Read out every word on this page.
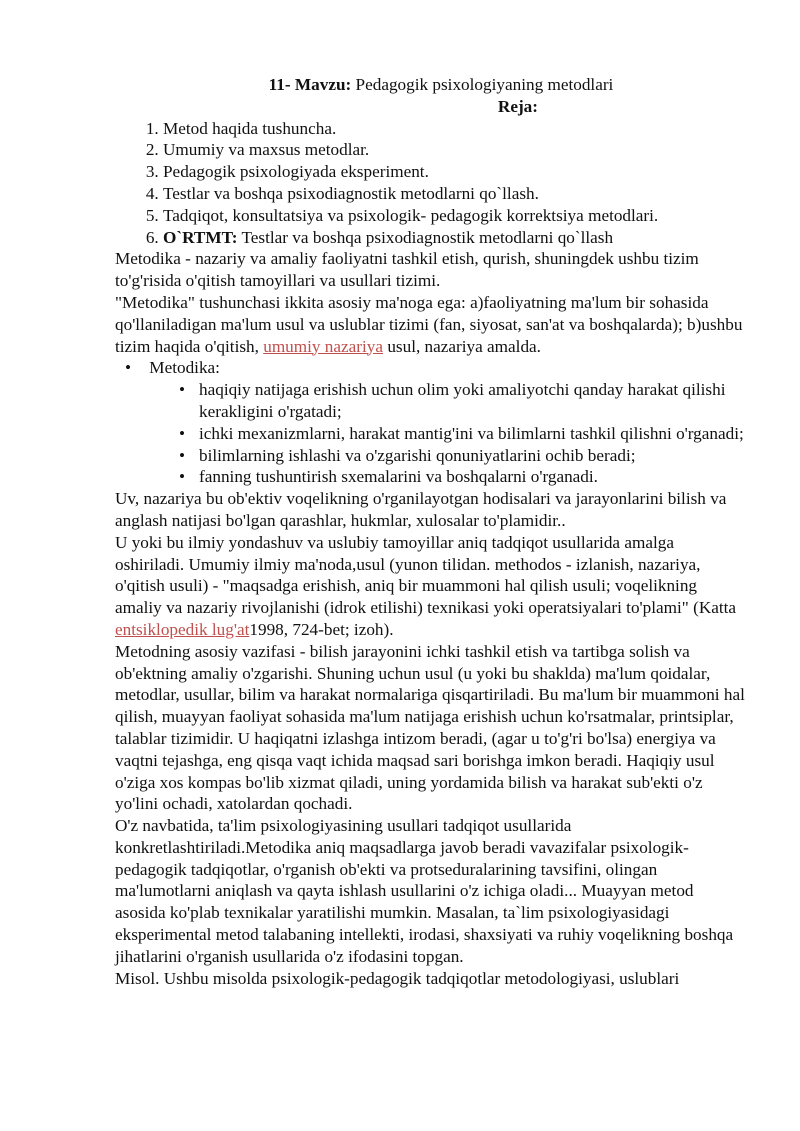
11- Mavzu: Pedagogik psixologiyaning metodlari
Reja:
1. Metod haqida tushuncha.
2. Umumiy va maxsus metodlar.
3. Pedagogik psixologiyada eksperiment.
4. Testlar va boshqa psixodiagnostik metodlarni qo`llash.
5. Tadqiqot, konsultatsiya va psixologik- pedagogik korrektsiya metodlari.
6. O`RTMT: Testlar va boshqa psixodiagnostik metodlarni qo`llash

Metodika - nazariy va amaliy faoliyatni tashkil etish, qurish, shuningdek ushbu tizim to'g'risida o'qitish tamoyillari va usullari tizimi.

"Metodika" tushunchasi ikkita asosiy ma'noga ega: a)faoliyatning ma'lum bir sohasida qo'llaniladigan ma'lum usul va uslublar tizimi (fan, siyosat, san'at va boshqalarda); b)ushbu tizim haqida o'qitish, umumiy nazariya usul, nazariya amalda.

• Metodika:
• haqiqiy natijaga erishish uchun olim yoki amaliyotchi qanday harakat qilishi kerakligini o'rgatadi;
• ichki mexanizmlarni, harakat mantig'ini va bilimlarni tashkil qilishni o'rganadi;
• bilimlarning ishlashi va o'zgarishi qonuniyatlarini ochib beradi;
• fanning tushuntirish sxemalarini va boshqalarni o'rganadi.

Uv, nazariya bu ob'ektiv voqelikning o'rganilayotgan hodisalari va jarayonlarini bilish va anglash natijasi bo'lgan qarashlar, hukmlar, xulosalar to'plamidir..

U yoki bu ilmiy yondashuv va uslubiy tamoyillar aniq tadqiqot usullarida amalga oshiriladi. Umumiy ilmiy ma'noda,usul (yunon tilidan. methodos - izlanish, nazariya, o'qitish usuli) - "maqsadga erishish, aniq bir muammoni hal qilish usuli; voqelikning amaliy va nazariy rivojlanishi (idrok etilishi) texnikasi yoki operatsiyalari to'plami" (Katta entsiklopedik lug'at1998, 724-bet; izoh).

Metodning asosiy vazifasi - bilish jarayonini ichki tashkil etish va tartibga solish va ob'ektning amaliy o'zgarishi. Shuning uchun usul (u yoki bu shaklda) ma'lum qoidalar, metodlar, usullar, bilim va harakat normalariga qisqartiriladi. Bu ma'lum bir muammoni hal qilish, muayyan faoliyat sohasida ma'lum natijaga erishish uchun ko'rsatmalar, printsiplar, talablar tizimidir. U haqiqatni izlashga intizom beradi, (agar u to'g'ri bo'lsa) energiya va vaqtni tejashga, eng qisqa vaqt ichida maqsad sari borishga imkon beradi. Haqiqiy usul o'ziga xos kompas bo'lib xizmat qiladi, uning yordamida bilish va harakat sub'ekti o'z yo'lini ochadi, xatolardan qochadi.

O'z navbatida, ta'lim psixologiyasining usullari tadqiqot usullarida konkretlashtiriladi.Metodika aniq maqsadlarga javob beradi vavazifalar psixologik-pedagogik tadqiqotlar, o'rganish ob'ekti va protseduralarining tavsifini, olingan ma'lumotlarni aniqlash va qayta ishlash usullarini o'z ichiga oladi... Muayyan metod asosida ko'plab texnikalar yaratilishi mumkin. Masalan, ta`lim psixologiyasidagi eksperimental metod talabaning intellekti, irodasi, shaxsiyati va ruhiy voqelikning boshqa jihatlarini o'rganish usullarida o'z ifodasini topgan.

Misol. Ushbu misolda psixologik-pedagogik tadqiqotlar metodologiyasi, uslublari
